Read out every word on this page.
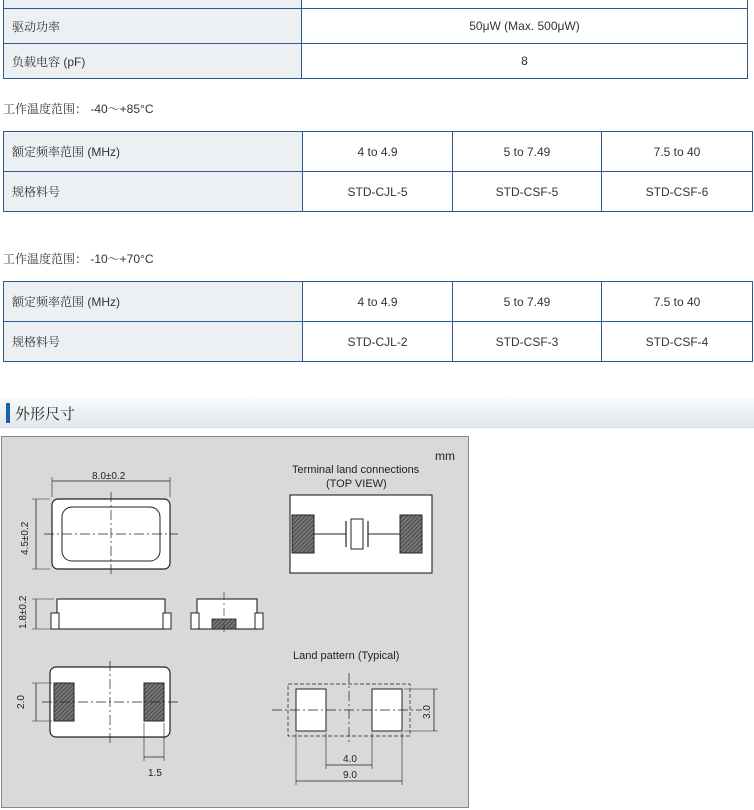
驱动功率	50μW (Max. 500μW)
负载电容 (pF)	8
工作温度范围： -40～+85°C
额定频率范围 (MHz)	4 to 4.9	5 to 7.49	7.5 to 40
规格料号	STD-CJL-5	STD-CSF-5	STD-CSF-6
工作温度范围： -10～+70°C
额定频率范围 (MHz)	4 to 4.9	5 to 7.49	7.5 to 40
规格料号	STD-CJL-2	STD-CSF-3	STD-CSF-4
外形尺寸
mm
8.0±0.2
4.5±0.2
1.8±0.2
2.0
1.5
Terminal land connections
(TOP VIEW)
Land pattern (Typical)
4.0
9.0
3.0
